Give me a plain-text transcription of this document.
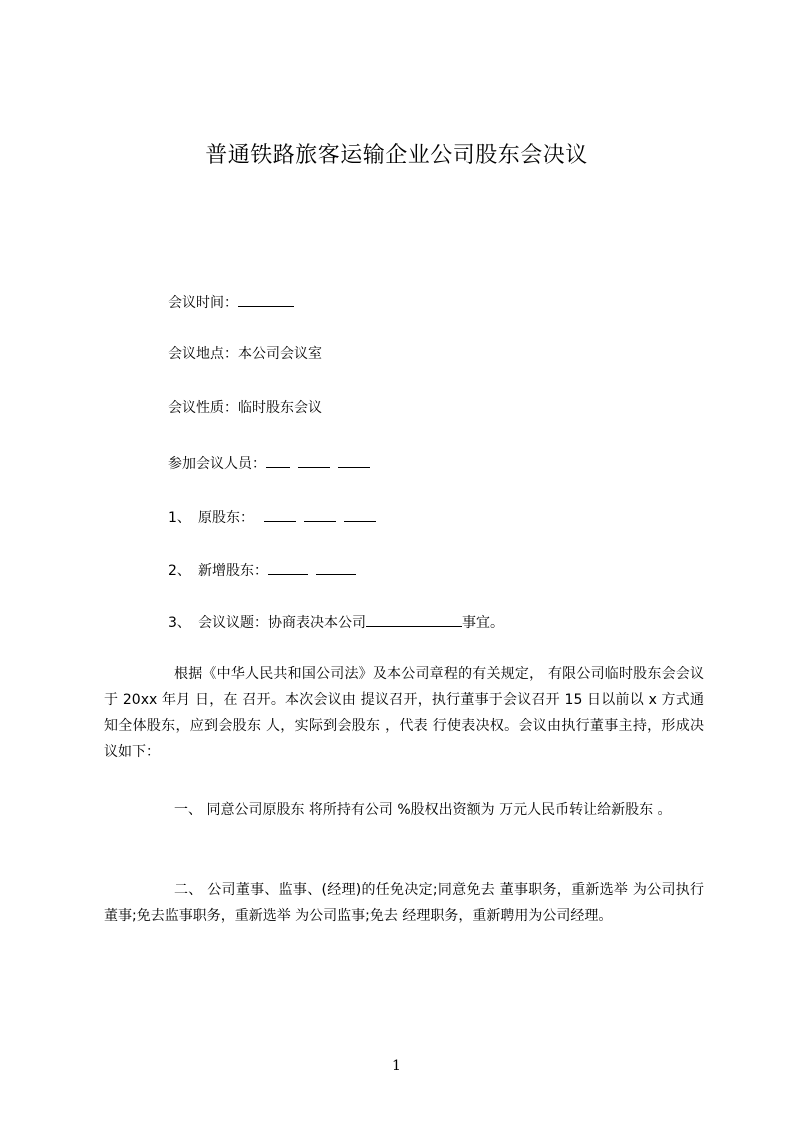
普通铁路旅客运输企业公司股东会决议
会议时间：
会议地点：本公司会议室
会议性质：临时股东会议
参加会议人员：
1、 原股东：
2、 新增股东：
3、 会议议题：协商表决本公司	事宜。
根据《中华人民共和国公司法》及本公司章程的有关规定， 有限公司临时股东会会议于 20xx 年月 日，在 召开。本次会议由 提议召开，执行董事于会议召开 15 日以前以 x 方式通知全体股东，应到会股东 人，实际到会股东 ，代表 行使表决权。会议由执行董事主持，形成决议如下：
一、 同意公司原股东 将所持有公司 %股权出资额为 万元人民币转让给新股东 。
二、 公司董事、监事、(经理)的任免决定;同意免去 董事职务，重新选举 为公司执行董事;免去监事职务，重新选举 为公司监事;免去 经理职务，重新聘用为公司经理。
1
